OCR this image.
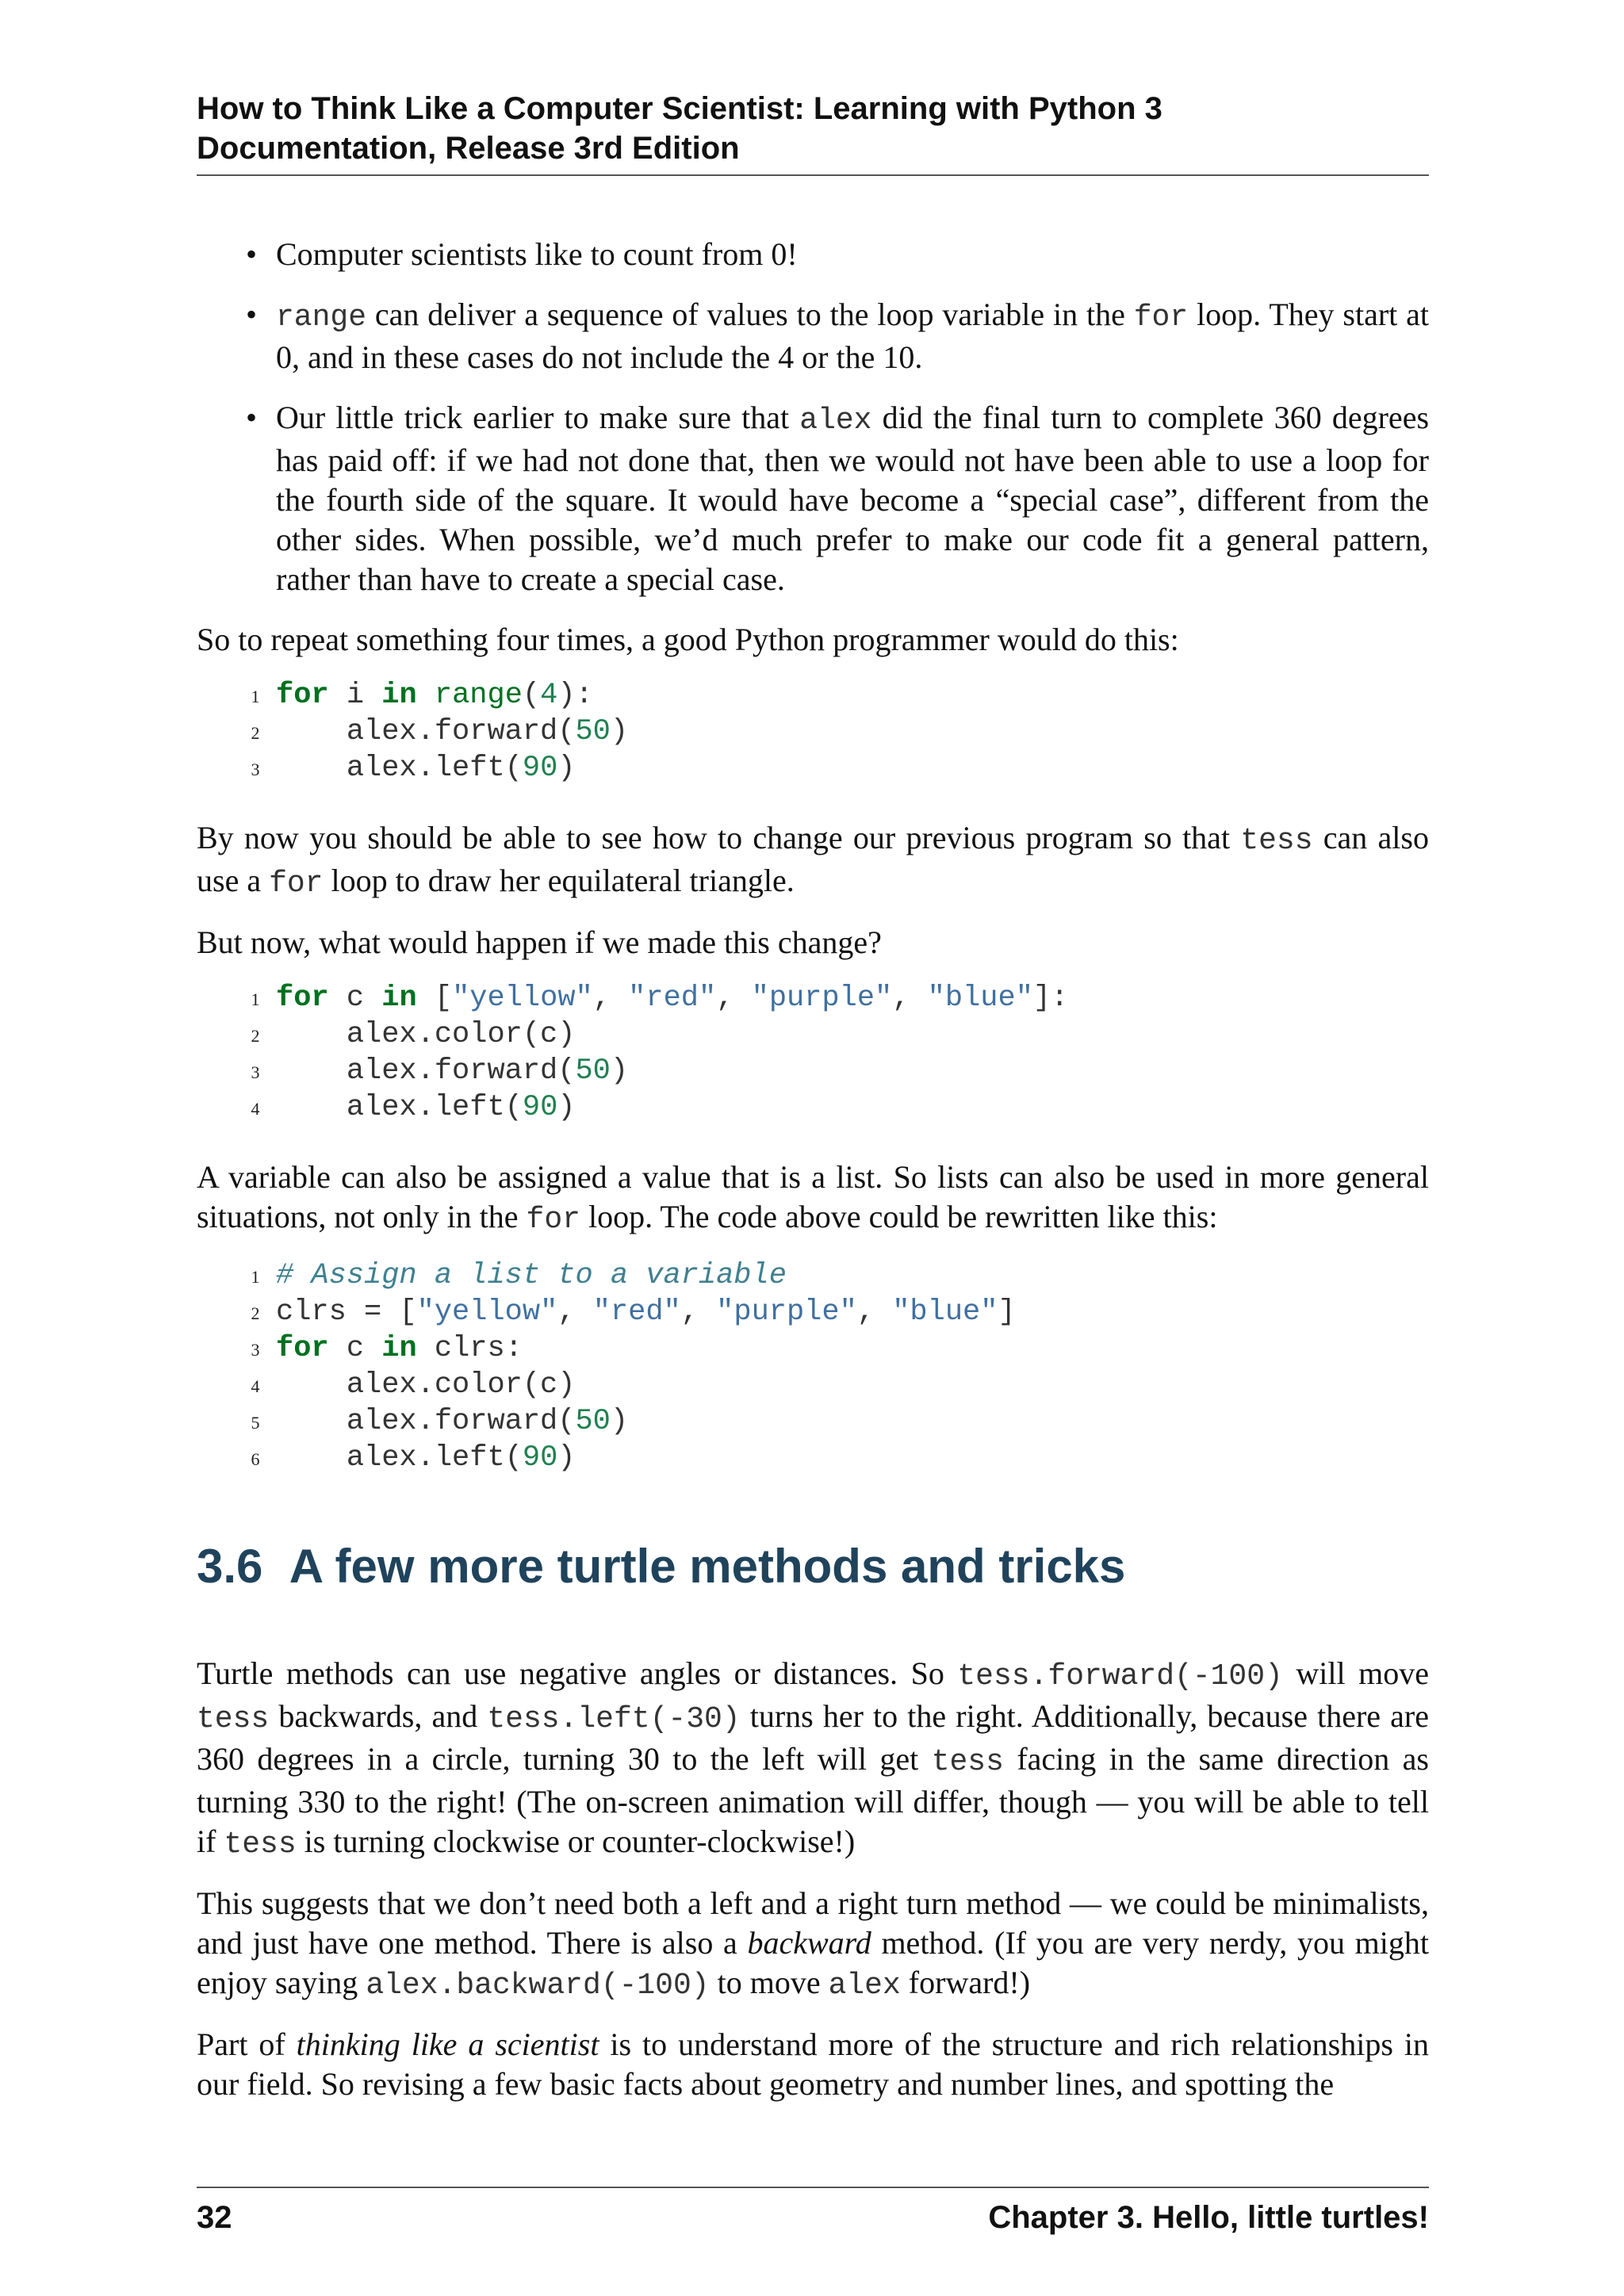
How to Think Like a Computer Scientist: Learning with Python 3
Documentation, Release 3rd Edition
• Computer scientists like to count from 0!
• range can deliver a sequence of values to the loop variable in the for loop. They start at 0, and in these cases do not include the 4 or the 10.
• Our little trick earlier to make sure that alex did the final turn to complete 360 degrees has paid off: if we had not done that, then we would not have been able to use a loop for the fourth side of the square. It would have become a “special case”, different from the other sides. When possible, we’d much prefer to make our code fit a general pattern, rather than have to create a special case.

So to repeat something four times, a good Python programmer would do this:

1 for i in range(4):
2 alex.forward(50)
3 alex.left(90)

By now you should be able to see how to change our previous program so that tess can also use a for loop to draw her equilateral triangle.

But now, what would happen if we made this change?

1 for c in ["yellow", "red", "purple", "blue"]:
2 alex.color(c)
3 alex.forward(50)
4 alex.left(90)

A variable can also be assigned a value that is a list. So lists can also be used in more general situations, not only in the for loop. The code above could be rewritten like this:

1 # Assign a list to a variable
2 clrs = ["yellow", "red", "purple", "blue"]
3 for c in clrs:
4 alex.color(c)
5 alex.forward(50)
6 alex.left(90)
3.6 A few more turtle methods and tricks

Turtle methods can use negative angles or distances. So tess.forward(-100) will move tess backwards, and tess.left(-30) turns her to the right. Additionally, because there are 360 degrees in a circle, turning 30 to the left will get tess facing in the same direction as turning 330 to the right! (The on-screen animation will differ, though — you will be able to tell if tess is turning clockwise or counter-clockwise!)

This suggests that we don’t need both a left and a right turn method — we could be minimalists, and just have one method. There is also a backward method. (If you are very nerdy, you might enjoy saying alex.backward(-100) to move alex forward!)

Part of thinking like a scientist is to understand more of the structure and rich relationships in our field. So revising a few basic facts about geometry and number lines, and spotting the

32	Chapter 3. Hello, little turtles!
